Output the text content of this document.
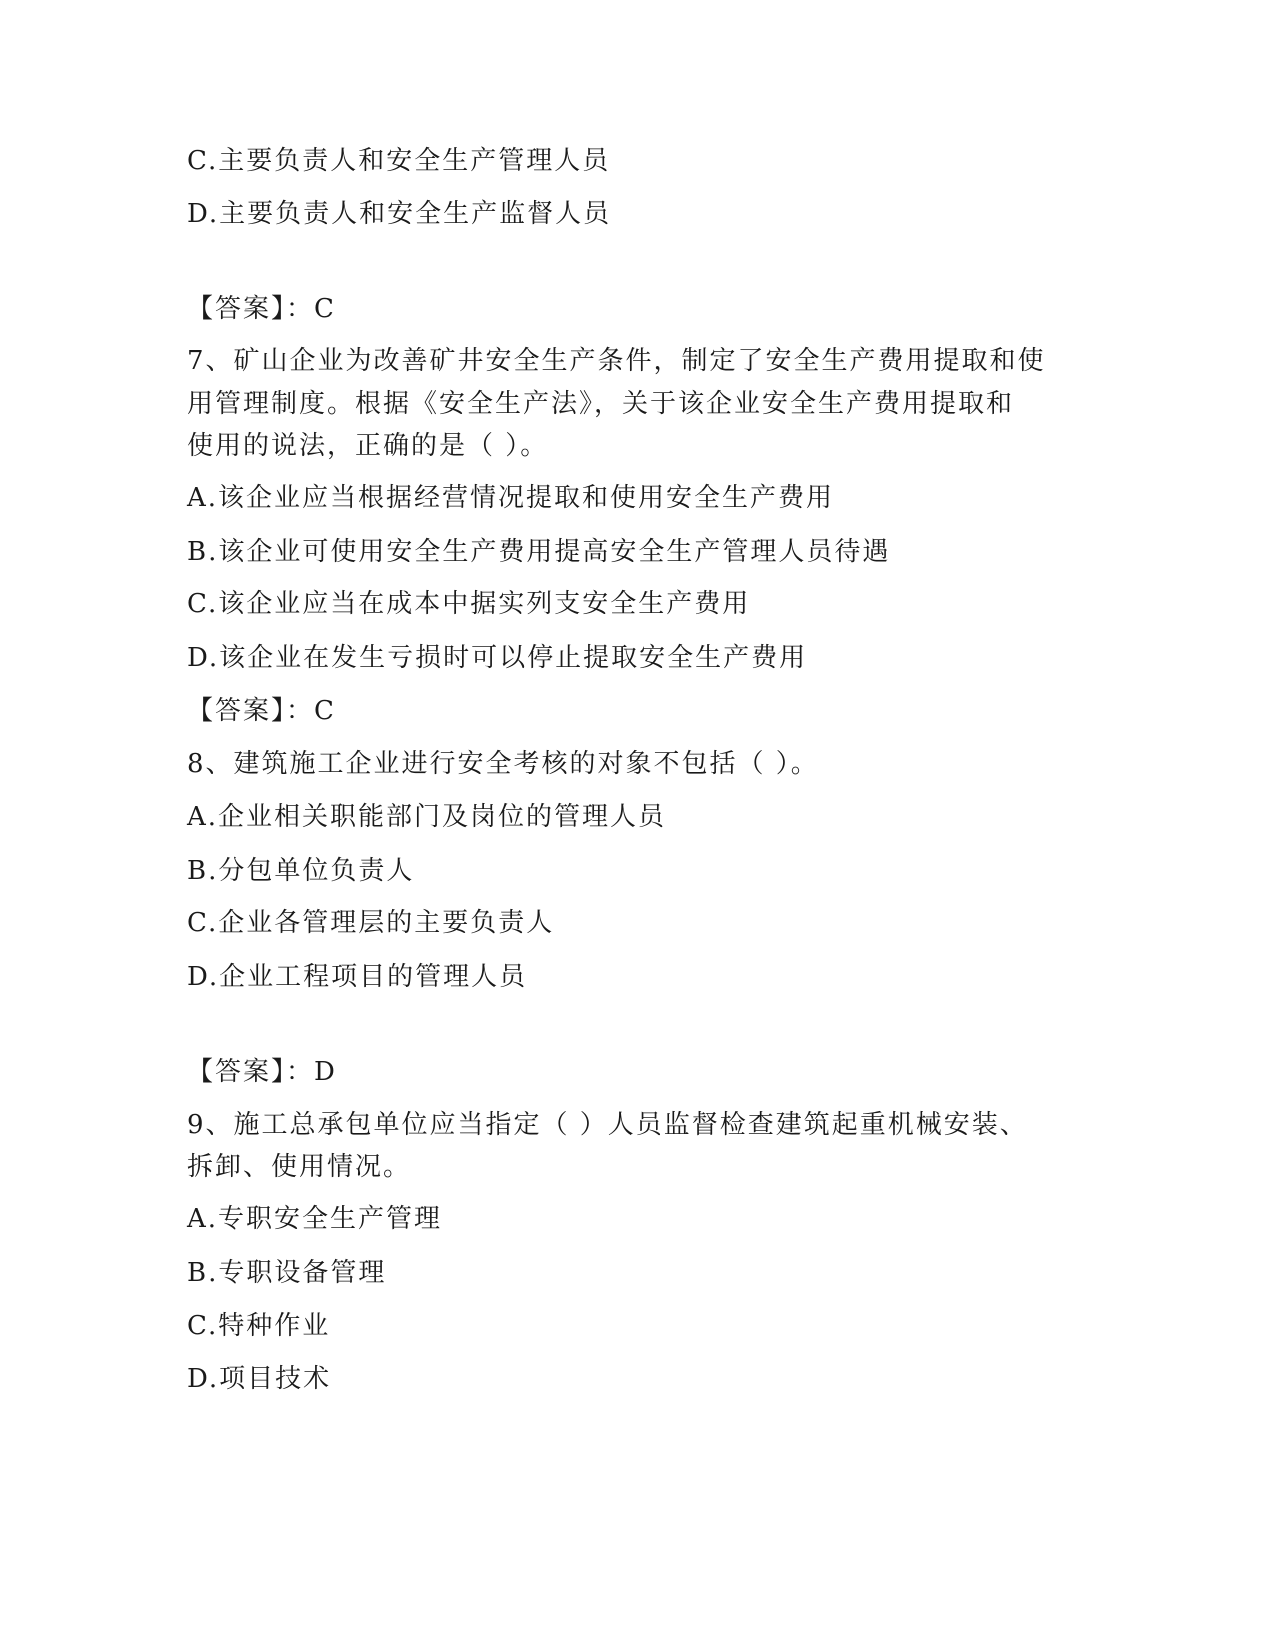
C.主要负责人和安全生产管理人员
D.主要负责人和安全生产监督人员
【答案】：C
7、矿山企业为改善矿井安全生产条件，制定了安全生产费用提取和使
用管理制度。根据《安全生产法》，关于该企业安全生产费用提取和
使用的说法，正确的是（ ）。
A.该企业应当根据经营情况提取和使用安全生产费用
B.该企业可使用安全生产费用提高安全生产管理人员待遇
C.该企业应当在成本中据实列支安全生产费用
D.该企业在发生亏损时可以停止提取安全生产费用
【答案】：C
8、建筑施工企业进行安全考核的对象不包括（ ）。
A.企业相关职能部门及岗位的管理人员
B.分包单位负责人
C.企业各管理层的主要负责人
D.企业工程项目的管理人员
【答案】：D
9、施工总承包单位应当指定（ ）人员监督检查建筑起重机械安装、
拆卸、使用情况。
A.专职安全生产管理
B.专职设备管理
C.特种作业
D.项目技术
